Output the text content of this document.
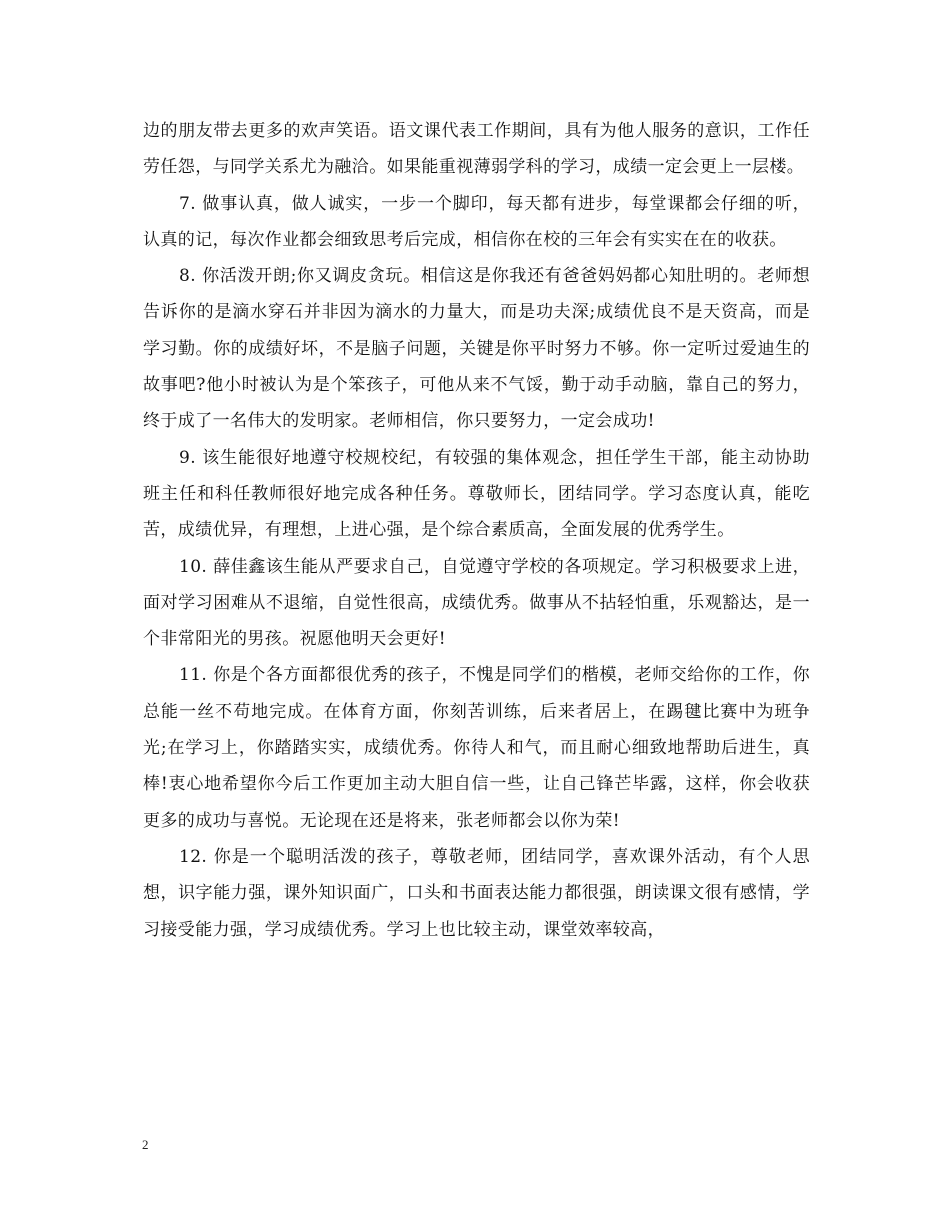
边的朋友带去更多的欢声笑语。语文课代表工作期间，具有为他人服务的意识，工作任劳任怨，与同学关系尤为融洽。如果能重视薄弱学科的学习，成绩一定会更上一层楼。

7. 做事认真，做人诚实，一步一个脚印，每天都有进步，每堂课都会仔细的听，认真的记，每次作业都会细致思考后完成，相信你在校的三年会有实实在在的收获。

8. 你活泼开朗;你又调皮贪玩。相信这是你我还有爸爸妈妈都心知肚明的。老师想告诉你的是滴水穿石并非因为滴水的力量大，而是功夫深;成绩优良不是天资高，而是学习勤。你的成绩好坏，不是脑子问题，关键是你平时努力不够。你一定听过爱迪生的故事吧?他小时被认为是个笨孩子，可他从来不气馁，勤于动手动脑，靠自己的努力，终于成了一名伟大的发明家。老师相信，你只要努力，一定会成功!

9. 该生能很好地遵守校规校纪，有较强的集体观念，担任学生干部，能主动协助班主任和科任教师很好地完成各种任务。尊敬师长，团结同学。学习态度认真，能吃苦，成绩优异，有理想，上进心强，是个综合素质高，全面发展的优秀学生。

10. 薛佳鑫该生能从严要求自己，自觉遵守学校的各项规定。学习积极要求上进，面对学习困难从不退缩，自觉性很高，成绩优秀。做事从不拈轻怕重，乐观豁达，是一个非常阳光的男孩。祝愿他明天会更好!

11. 你是个各方面都很优秀的孩子，不愧是同学们的楷模，老师交给你的工作，你总能一丝不苟地完成。在体育方面，你刻苦训练，后来者居上，在踢毽比赛中为班争光;在学习上，你踏踏实实，成绩优秀。你待人和气，而且耐心细致地帮助后进生，真棒!衷心地希望你今后工作更加主动大胆自信一些，让自己锋芒毕露，这样，你会收获更多的成功与喜悦。无论现在还是将来，张老师都会以你为荣!

12. 你是一个聪明活泼的孩子，尊敬老师，团结同学，喜欢课外活动，有个人思想，识字能力强，课外知识面广，口头和书面表达能力都很强，朗读课文很有感情，学习接受能力强，学习成绩优秀。学习上也比较主动，课堂效率较高，

2
